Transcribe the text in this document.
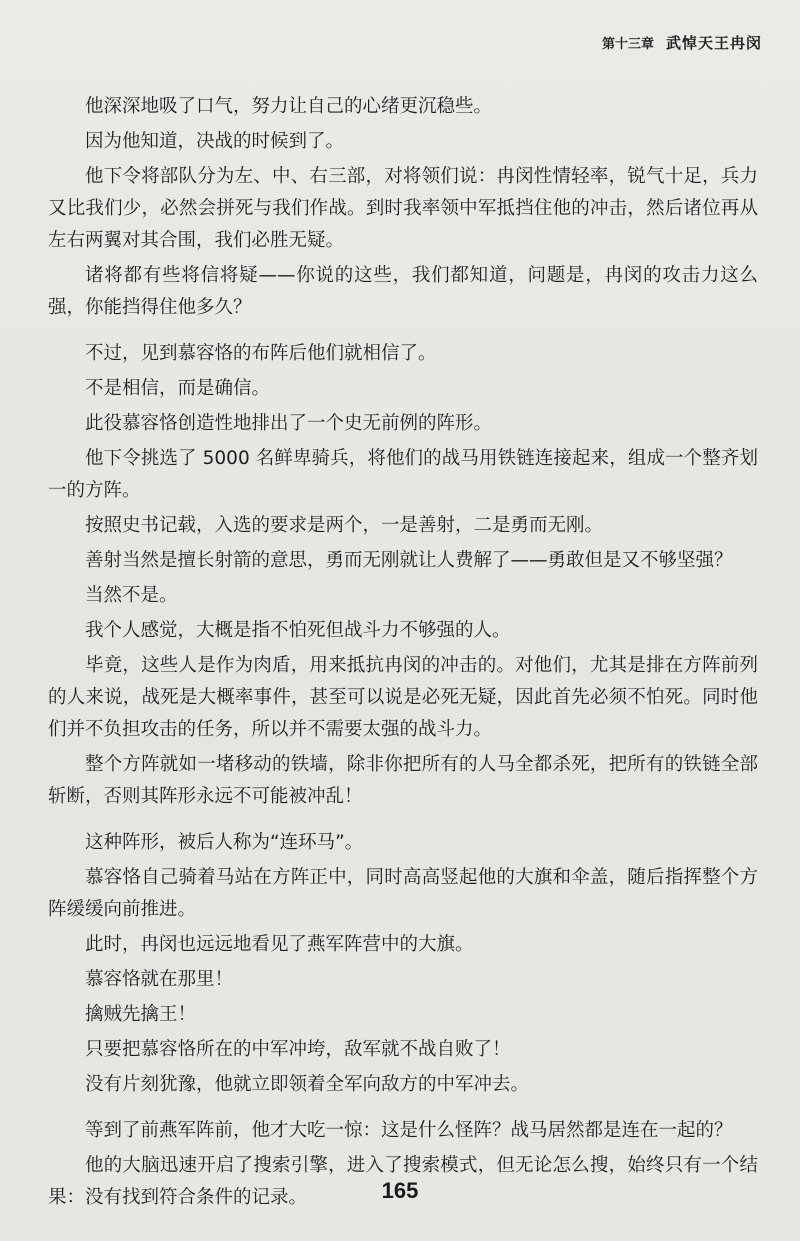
第十三章 武悼天王冉闵

他深深地吸了口气，努力让自己的心绪更沉稳些。

因为他知道，决战的时候到了。

他下令将部队分为左、中、右三部，对将领们说：冉闵性情轻率，锐气十足，兵力又比我们少，必然会拼死与我们作战。到时我率领中军抵挡住他的冲击，然后诸位再从左右两翼对其合围，我们必胜无疑。

诸将都有些将信将疑——你说的这些，我们都知道，问题是，冉闵的攻击力这么强，你能挡得住他多久？

不过，见到慕容恪的布阵后他们就相信了。

不是相信，而是确信。

此役慕容恪创造性地排出了一个史无前例的阵形。

他下令挑选了 5000 名鲜卑骑兵，将他们的战马用铁链连接起来，组成一个整齐划一的方阵。

按照史书记载，入选的要求是两个，一是善射，二是勇而无刚。

善射当然是擅长射箭的意思，勇而无刚就让人费解了——勇敢但是又不够坚强？

当然不是。

我个人感觉，大概是指不怕死但战斗力不够强的人。

毕竟，这些人是作为肉盾，用来抵抗冉闵的冲击的。对他们，尤其是排在方阵前列的人来说，战死是大概率事件，甚至可以说是必死无疑，因此首先必须不怕死。同时他们并不负担攻击的任务，所以并不需要太强的战斗力。

整个方阵就如一堵移动的铁墙，除非你把所有的人马全都杀死，把所有的铁链全部斩断，否则其阵形永远不可能被冲乱！

这种阵形，被后人称为“连环马”。

慕容恪自己骑着马站在方阵正中，同时高高竖起他的大旗和伞盖，随后指挥整个方阵缓缓向前推进。

此时，冉闵也远远地看见了燕军阵营中的大旗。

慕容恪就在那里！

擒贼先擒王！

只要把慕容恪所在的中军冲垮，敌军就不战自败了！

没有片刻犹豫，他就立即领着全军向敌方的中军冲去。

等到了前燕军阵前，他才大吃一惊：这是什么怪阵？战马居然都是连在一起的？

他的大脑迅速开启了搜索引擎，进入了搜索模式，但无论怎么搜，始终只有一个结果：没有找到符合条件的记录。	165
